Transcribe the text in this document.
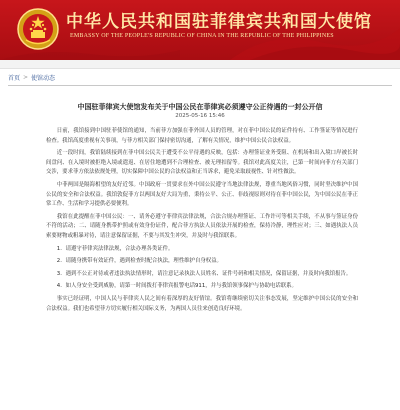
中华人民共和国驻菲律宾共和国大使馆
EMBASSY OF THE PEOPLE'S REPUBLIC OF CHINA IN THE REPUBLIC OF THE PHILIPPINES
首页 > 使馆动态
中国驻菲律宾大使馆发布关于中国公民在菲律宾必须遵守公正待遇的一封公开信
2025-05-16 15:46

日前，我馆接到中国驻菲使馆的通知，当前菲方加强在菲外国人员的管理，对在菲中国公民的证件持有、工作签证等情况进行检查。我馆高度重视有关事项，与菲方相关部门保持密切沟通，了解有关情况，维护中国公民合法权益。

近一段时间，我馆陆续接到在菲中国公民关于遭受不公平待遇的反映，包括：办理签证业务受阻、在机场和出入境口岸被长时间盘问、在入境时被拒绝入境或遣返、在居住地遭到不合理检查、被无理扣留等。我馆对此高度关注，已第一时间向菲方有关部门交涉，要求菲方依法依规处理，切实保障中国公民的合法权益和正当诉求，避免采取歧视性、针对性做法。

中菲两国是隔海相望的友好近邻。中国政府一贯要求在外中国公民遵守当地法律法规，尊重当地风俗习惯，同时坚决维护中国公民的安全和合法权益。我馆敦促菲方以两国友好大局为重，秉持公平、公正、非歧视原则对待在菲中国公民，为中国公民在菲正常工作、生活和学习提供必要便利。

我馆在此提醒在菲中国公民：一、请务必遵守菲律宾法律法规，合法合规办理签证、工作许可等相关手续，不从事与签证身份不符的活动；二、请随身携带护照或有效身份证件，配合菲方执法人员依法开展的检查，保持冷静，理性应对；三、如遇执法人员索要财物或粗暴对待，请注意保留证据，不要与其发生冲突，并及时与我馆联系。

1．请遵守菲律宾法律法规，合法办理各类证件。

2．请随身携带有效证件，遇到检查时配合执法，理性维护自身权益。

3．遇到不公正对待或者违法执法情形时，请注意记录执法人员姓名、证件号码和相关情况，保留证据，并及时向我馆报告。

4．如人身安全受到威胁，请第一时间拨打菲律宾报警电话911，并与我馆领事保护与协助电话联系。

事实已经证明，中国人民与菲律宾人民之间有着深厚的友好情谊。我馆将继续密切关注事态发展，坚定维护中国公民的安全和合法权益。我们也希望菲方切实履行相关国际义务，为两国人员往来创造良好环境。
